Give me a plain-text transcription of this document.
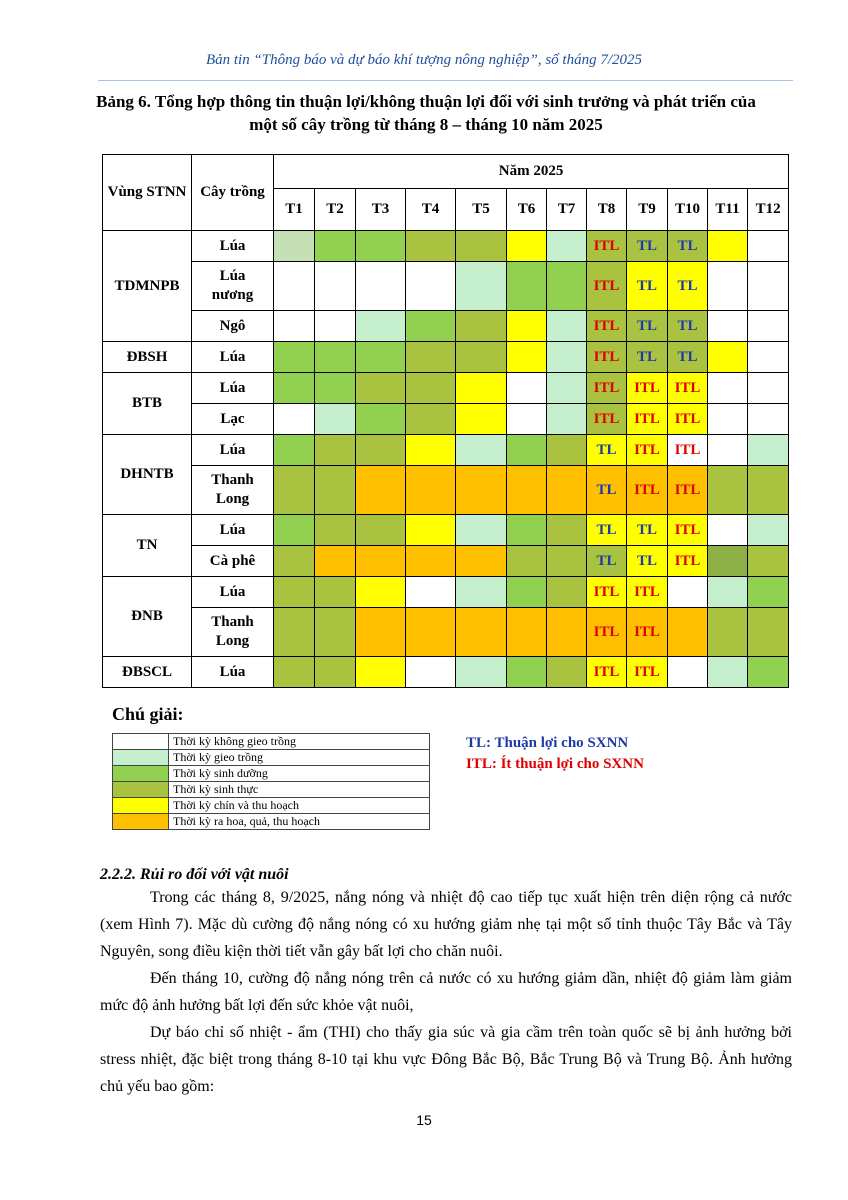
Bản tin “Thông báo và dự báo khí tượng nông nghiệp”, số tháng 7/2025
Bảng 6. Tổng hợp thông tin thuận lợi/không thuận lợi đối với sinh trưởng và phát triển của một số cây trồng từ tháng 8 – tháng 10 năm 2025
Vùng STNN	Cây trồng	Năm 2025											
		T1	T2	T3	T4	T5	T6	T7	T8	T9	T10	T11	T12
TDMNPB	Lúa								ITL	TL	TL		
	Lúa nương								ITL	TL	TL		
	Ngô								ITL	TL	TL		
ĐBSH	Lúa								ITL	TL	TL		
BTB	Lúa								ITL	ITL	ITL		
	Lạc								ITL	ITL	ITL		
DHNTB	Lúa								TL	ITL	ITL		
	Thanh Long								TL	ITL	ITL		
TN	Lúa								TL	TL	ITL		
	Cà phê								TL	TL	ITL		
ĐNB	Lúa								ITL	ITL			
	Thanh Long								ITL	ITL			
ĐBSCL	Lúa								ITL	ITL			
Chú giải:
	Thời kỳ không gieo trồng
	Thời kỳ gieo trồng
	Thời kỳ sinh dưỡng
	Thời kỳ sinh thực
	Thời kỳ chín và thu hoạch
	Thời kỳ ra hoa, quả, thu hoạch
TL: Thuận lợi cho SXNN
ITL: Ít thuận lợi cho SXNN
2.2.2. Rủi ro đối với vật nuôi

Trong các tháng 8, 9/2025, nắng nóng và nhiệt độ cao tiếp tục xuất hiện trên diện rộng cả nước (xem Hình 7). Mặc dù cường độ nắng nóng có xu hướng giảm nhẹ tại một số tỉnh thuộc Tây Bắc và Tây Nguyên, song điều kiện thời tiết vẫn gây bất lợi cho chăn nuôi.

Đến tháng 10, cường độ nắng nóng trên cả nước có xu hướng giảm dần, nhiệt độ giảm làm giảm mức độ ảnh hưởng bất lợi đến sức khỏe vật nuôi,

Dự báo chỉ số nhiệt - ẩm (THI) cho thấy gia súc và gia cầm trên toàn quốc sẽ bị ảnh hưởng bởi stress nhiệt, đặc biệt trong tháng 8-10 tại khu vực Đông Bắc Bộ, Bắc Trung Bộ và Trung Bộ. Ảnh hưởng chủ yếu bao gồm:

15
